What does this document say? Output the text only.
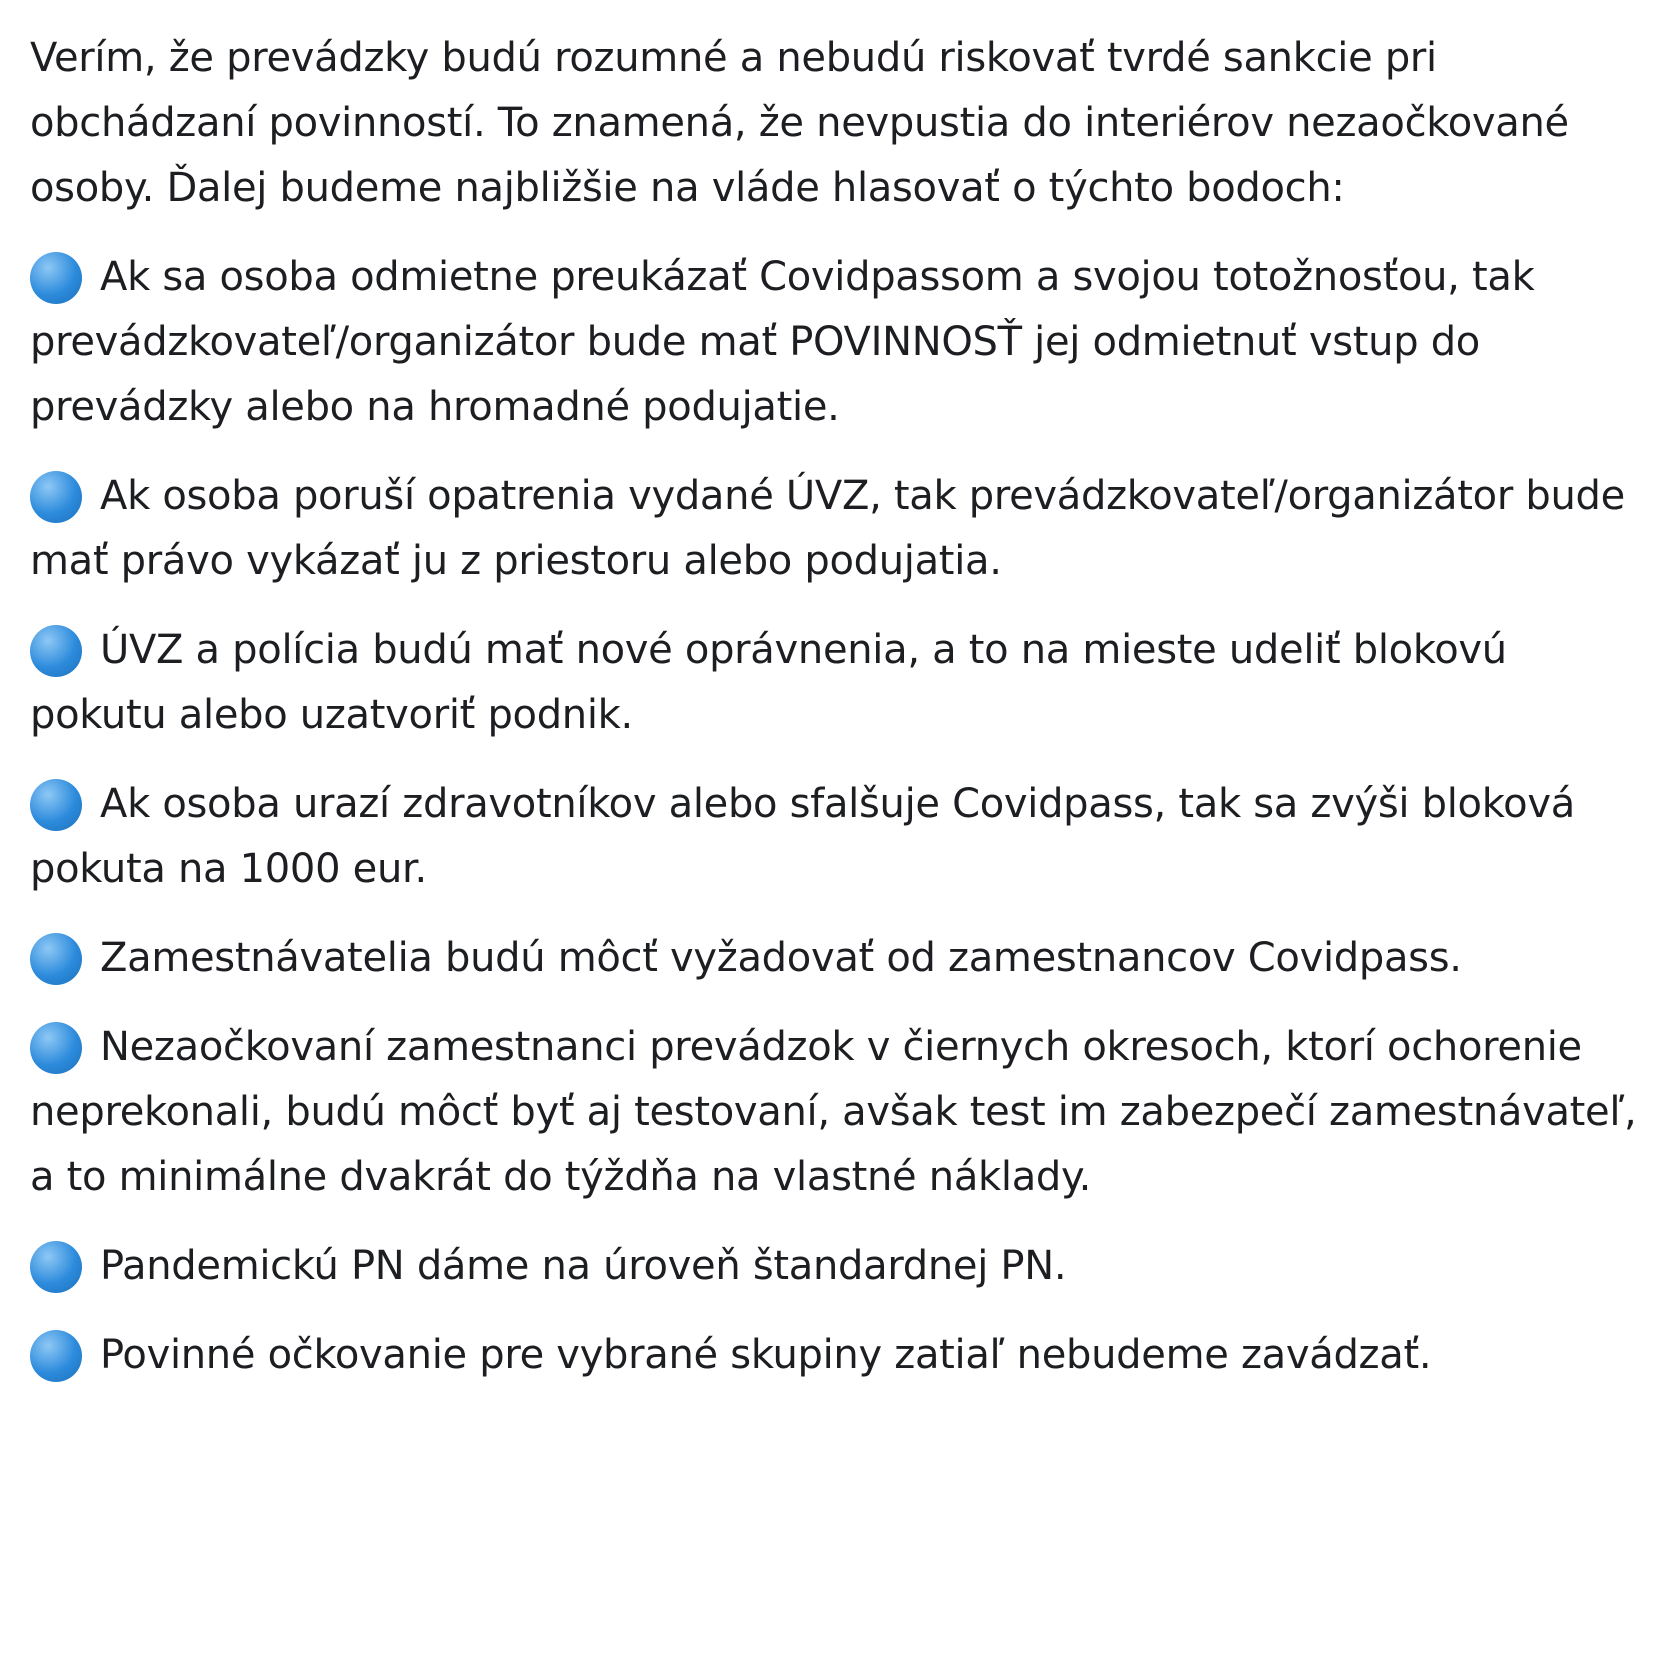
Verím, že prevádzky budú rozumné a nebudú riskovať tvrdé sankcie pri obchádzaní povinností. To znamená, že nevpustia do interiérov nezaočkované osoby. Ďalej budeme najbližšie na vláde hlasovať o týchto bodoch:

Ak sa osoba odmietne preukázať Covidpassom a svojou totožnosťou, tak prevádzkovateľ/organizátor bude mať POVINNOSŤ jej odmietnuť vstup do prevádzky alebo na hromadné podujatie.

Ak osoba poruší opatrenia vydané ÚVZ, tak prevádzkovateľ/organizátor bude mať právo vykázať ju z priestoru alebo podujatia.

ÚVZ a polícia budú mať nové oprávnenia, a to na mieste udeliť blokovú pokutu alebo uzatvoriť podnik.

Ak osoba urazí zdravotníkov alebo sfalšuje Covidpass, tak sa zvýši bloková pokuta na 1000 eur.

Zamestnávatelia budú môcť vyžadovať od zamestnancov Covidpass.

Nezaočkovaní zamestnanci prevádzok v čiernych okresoch, ktorí ochorenie neprekonali, budú môcť byť aj testovaní, avšak test im zabezpečí zamestnávateľ, a to minimálne dvakrát do týždňa na vlastné náklady.

Pandemickú PN dáme na úroveň štandardnej PN.

Povinné očkovanie pre vybrané skupiny zatiaľ nebudeme zavádzať.
